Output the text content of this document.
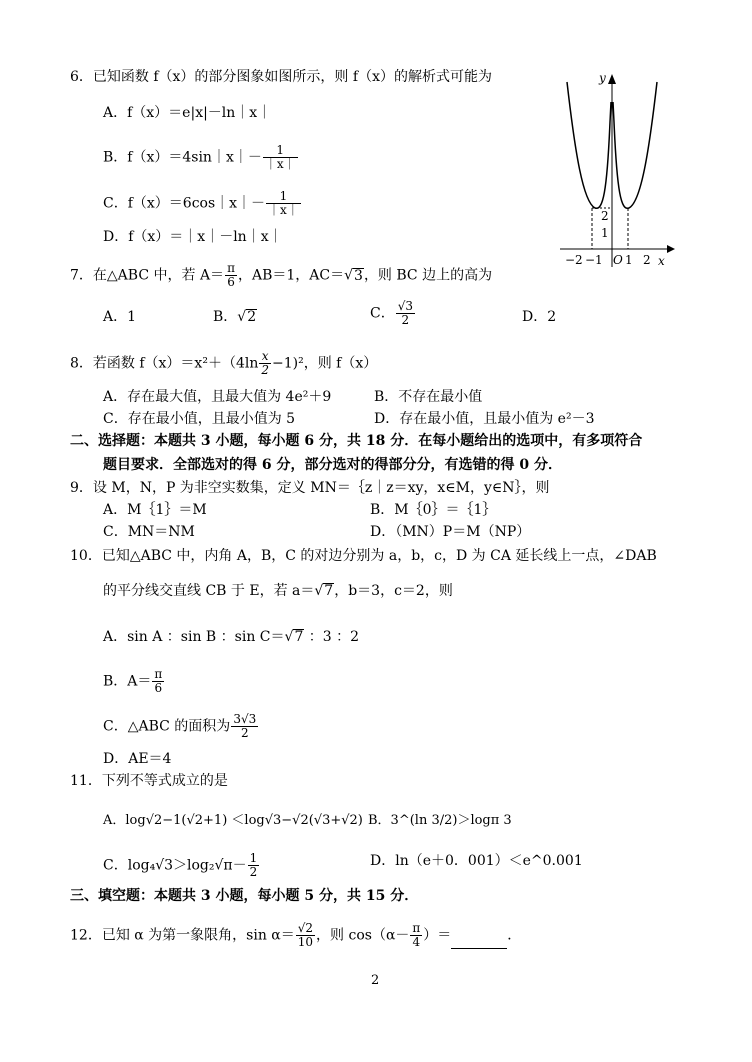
6．已知函数 f（x）的部分图象如图所示，则 f（x）的解析式可能为
A．f（x）＝e|x|－ln｜x｜
B．f（x）＝4sin｜x｜－ $\frac{1}{|x|}$
C．f（x）＝6cos｜x｜－ $\frac{1}{|x|}$
D．f（x）＝｜x｜－ln｜x｜
y
x
O
−2 −1 1 2
1
2
7．在△ABC 中，若 $A= \frac{\pi}{6}$ ，AB＝1，AC＝√3，则 BC 边上的高为
A．1	B．√2	C． $\frac{√3}{2}$	D．2
8．若函数 $f(x)=x^2+(4\ln \frac{x}{2} -1)^2$，则 f（x）
A．存在最大值，且最大值为 4e²＋9	B．不存在最小值
C．存在最小值，且最小值为 5	D．存在最小值，且最小值为 e²－3
二、选择题：本题共 3 小题，每小题 6 分，共 18 分．在每小题给出的选项中，有多项符合
题目要求．全部选对的得 6 分，部分选对的得部分分，有选错的得 0 分．
9．设 M，N，P 为非空实数集，定义 MN＝｛z｜z＝xy，x∈M，y∈N｝，则
A．M｛1｝＝M	B．M｛0｝＝｛1｝
C．MN＝NM	D．（MN）P＝M（NP）
10．已知△ABC 中，内角 A，B，C 的对边分别为 a，b，c，D 为 CA 延长线上一点，∠DAB
的平分线交直线 CB 于 E，若 a＝√7，b＝3，c＝2，则
A．sin A ：sin B ：sin C＝√7 ：3 ：2
B．$A= \frac{\pi}{6}$
C．△ABC 的面积为 $\frac{3√3}{2}$
D．AE＝4
11．下列不等式成立的是
A．log√2−1(√2+1) ＜log√3−√2(√3+√2) B．3^(ln 3/2)＞logπ 3
C．$\log_4√3>\log_2√\pi- \frac{1}{2}$	D．ln（e＋0．001）＜e^0.001
三、填空题：本题共 3 小题，每小题 5 分，共 15 分．
12．已知 α 为第一象限角，$\sin \alpha= \frac{√2}{10}$ ，则 $\cos(\alpha- \frac{\pi}{4}$ ）＝	．
2
